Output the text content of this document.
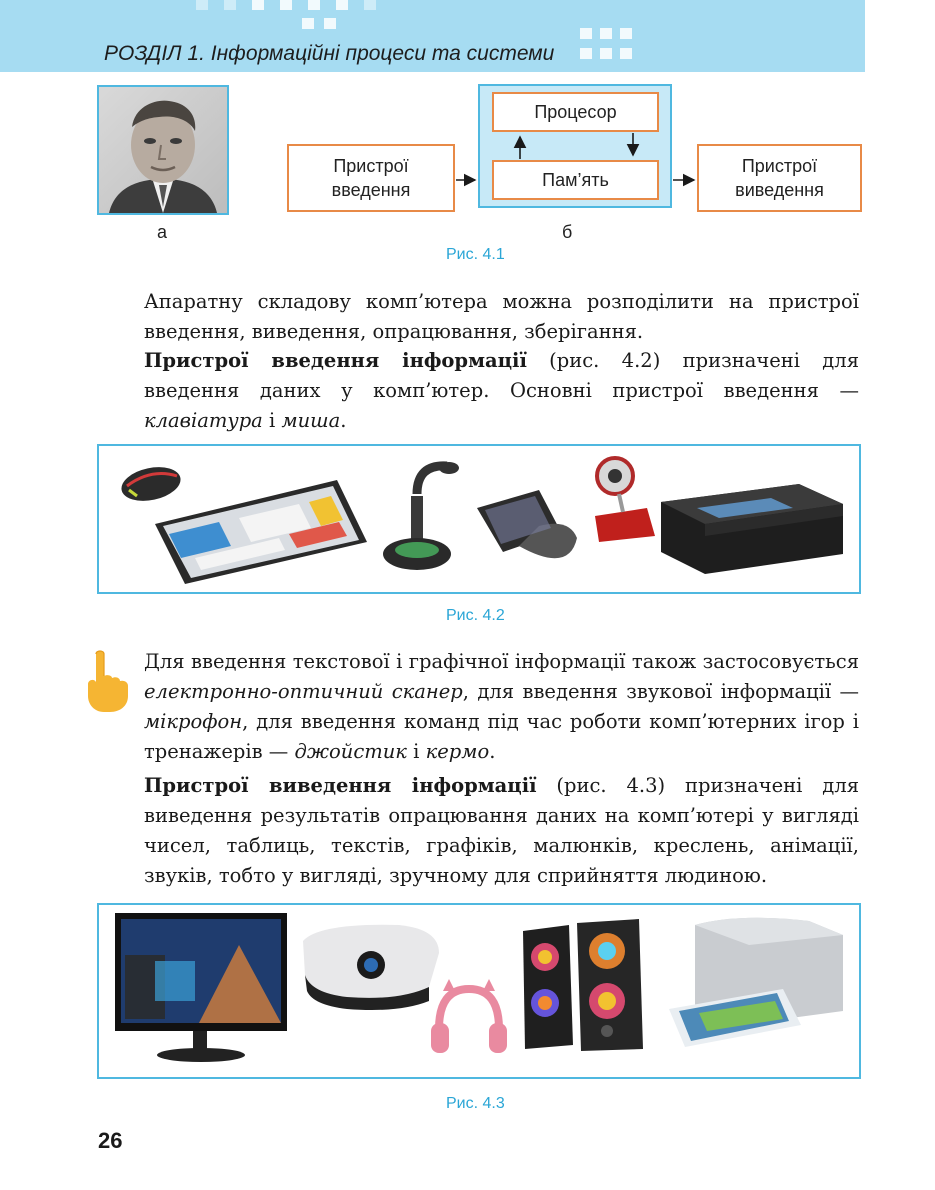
РОЗДІЛ 1. Інформаційні процеси та системи
а
Пристрої
введення
Процесор
Пам’ять
Пристрої
виведення
б
Рис. 4.1

Апаратну складову комп’ютера можна розподілити на пристрої введення, виведення, опрацювання, зберігання.

Пристрої введення інформації (рис. 4.2) призначені для введення даних у комп’ютер. Основні пристрої введення — клавіатура і миша.

Рис. 4.2

Для введення текстової і графічної інформації також застосовується електронно-оптичний сканер, для введення звукової інформації — мікрофон, для введення команд під час роботи комп’ютерних ігор і тренажерів — джойстик і кермо.

Пристрої виведення інформації (рис. 4.3) призначені для виведення результатів опрацювання даних на комп’ютері у вигляді чисел, таблиць, текстів, графіків, малюнків, креслень, анімації, звуків, тобто у вигляді, зручному для сприйняття людиною.

Рис. 4.3
26
